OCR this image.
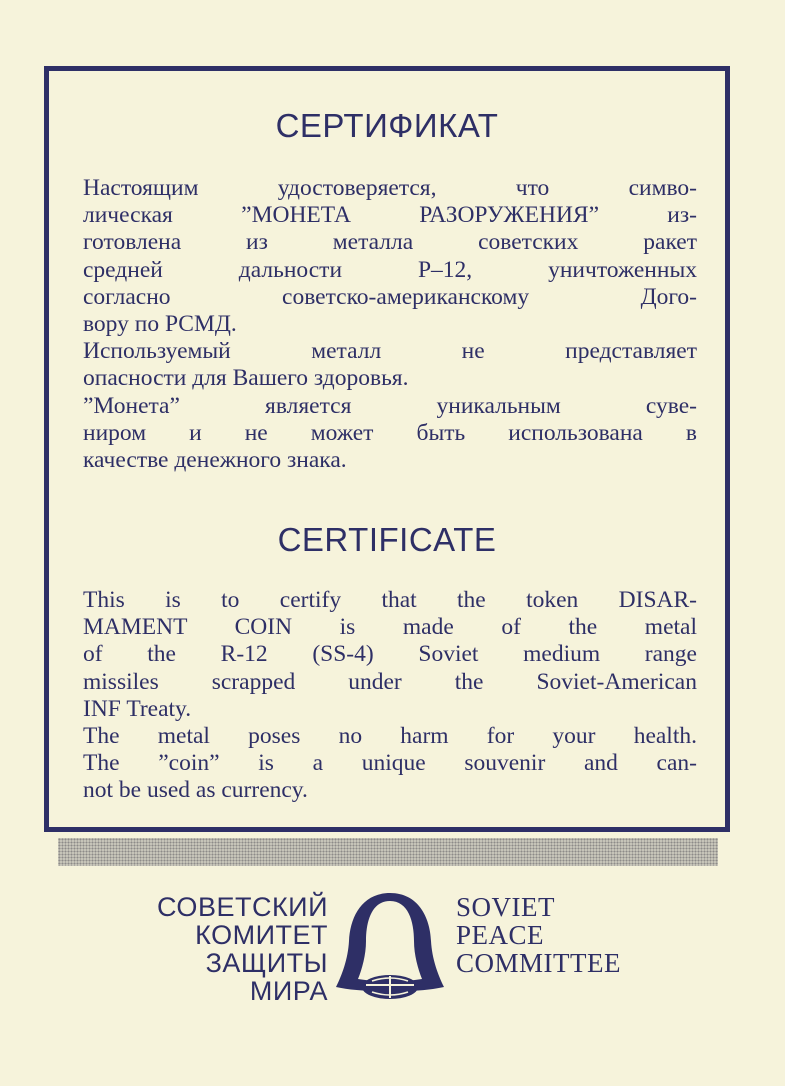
СЕРТИФИКАТ
Настоящим удостоверяется, что симво-
лическая ”МОНЕТА РАЗОРУЖЕНИЯ” из-
готовлена из металла советских ракет
средней дальности Р–12, уничтоженных
согласно советско-американскому Дого-
вору по РСМД.
Используемый металл не представляет
опасности для Вашего здоровья.
”Монета” является уникальным суве-
ниром и не может быть использована в
качестве денежного знака.
CERTIFICATE
This is to certify that the token DISAR-
MAMENT COIN is made of the metal
of the R-12 (SS-4) Soviet medium range
missiles scrapped under the Soviet-American
INF Treaty.
The metal poses no harm for your health.
The ”coin” is a unique souvenir and can-
not be used as currency.
СОВЕТСКИЙ
КОМИТЕТ
ЗАЩИТЫ
МИРА
SOVIET
PEACE
COMMITTEE
